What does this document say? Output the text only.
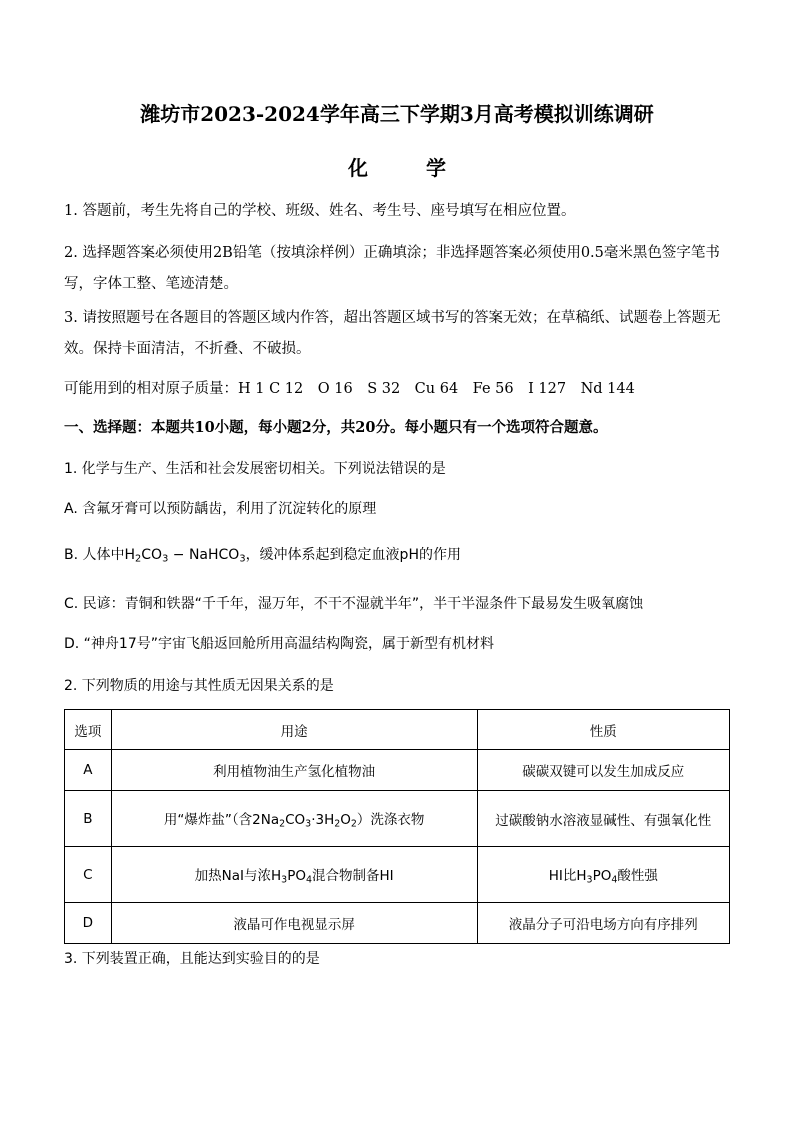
潍坊市2023-2024学年高三下学期3月高考模拟训练调研
化	学
1. 答题前，考生先将自己的学校、班级、姓名、考生号、座号填写在相应位置。
2. 选择题答案必须使用2B铅笔（按填涂样例）正确填涂；非选择题答案必须使用0.5毫米黑色签字笔书写，字体工整、笔迹清楚。
3. 请按照题号在各题目的答题区域内作答，超出答题区域书写的答案无效；在草稿纸、试题卷上答题无效。保持卡面清洁，不折叠、不破损。
可能用到的相对原子质量：H 1 C 12　O 16　S 32　Cu 64　Fe 56　I 127　Nd 144
一、选择题：本题共10小题，每小题2分，共20分。每小题只有一个选项符合题意。
1. 化学与生产、生活和社会发展密切相关。下列说法错误的是
A. 含氟牙膏可以预防龋齿，利用了沉淀转化的原理
B. 人体中$H_2CO_3$ − NaHCO$_3$，缓冲体系起到稳定血液pH的作用
C. 民谚：青铜和铁器“千千年，湿万年，不干不湿就半年”，半干半湿条件下最易发生吸氧腐蚀
D. “神舟17号”宇宙飞船返回舱所用高温结构陶瓷，属于新型有机材料
2. 下列物质的用途与其性质无因果关系的是
选项	用途	性质
A	利用植物油生产氢化植物油	碳碳双键可以发生加成反应
B	用“爆炸盐”（含$2Na_2CO_3\cdot 3H_2O_2$）洗涤衣物	过碳酸钠水溶液显碱性、有强氧化性
C	加热NaI与浓$H_3PO_4$混合物制备HI	HI比$H_3PO_4$酸性强
D	液晶可作电视显示屏	液晶分子可沿电场方向有序排列
3. 下列装置正确，且能达到实验目的的是
